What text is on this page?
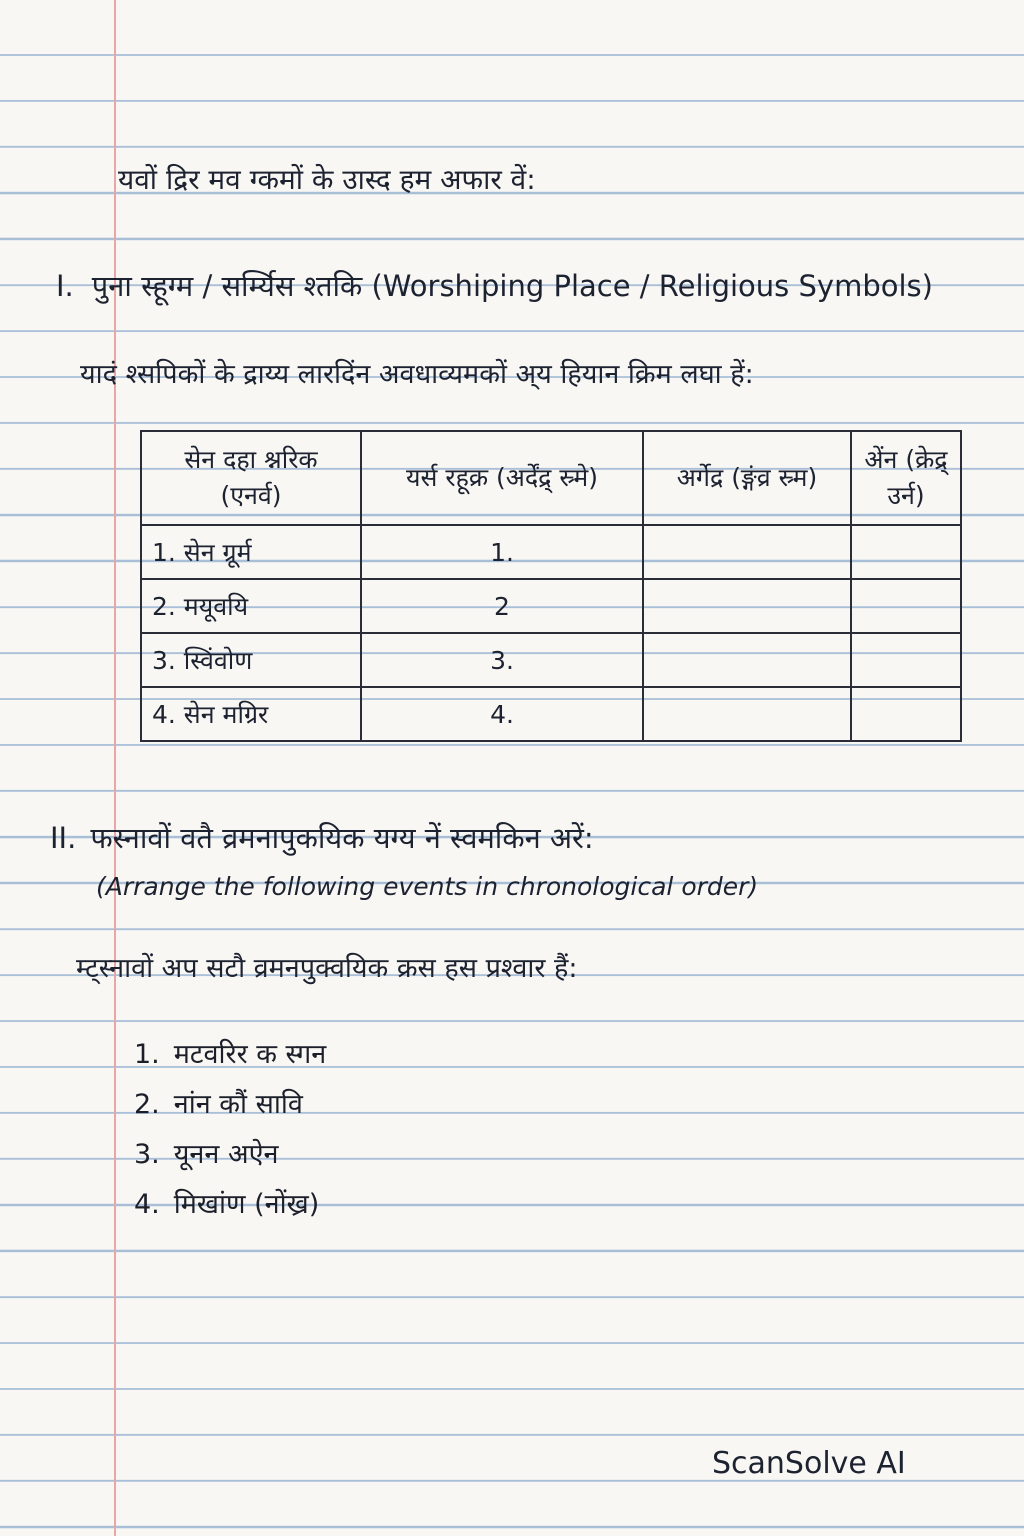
यवों द्रिर मव ग्कमों के उास्द हम अफार वें:
I. पुना स्हूग्म / सर्म्यिस श्तकि (Worshiping Place / Religious Symbols)
यादं श्सपिकों के द्राय्य लारदिंन अवधाव्यमकों अ्य हियान क्रिम लघा हें:
सेन दहा श्नरिक (एनर्व)	यर्स रहूक्र (अर्देंद्र् स्र्मे)	अर्गेद्र (ङ्गंव्र स्र्म)	अेंन (क्रेद्र् उर्न)
1. सेन ग्रूर्म	1.		
2. मयूवयि	2		
3. स्विंवोण	3.		
4. सेन मग्रिर	4.		
II. फस्नावों वतै व्रमनापुकयिक यग्य नें स्वमकिन अरें:
(Arrange the following events in chronological order)
म्ट्स्नावों अप सटौ व्रमनपुक्वयिक क्रस हस प्रश्वार हैं:
1. मटवरिर क स्गन
2. नांन कौं सावि
3. यूनन अऐन
4. मिखांण (नोंख्र)
ScanSolve AI
